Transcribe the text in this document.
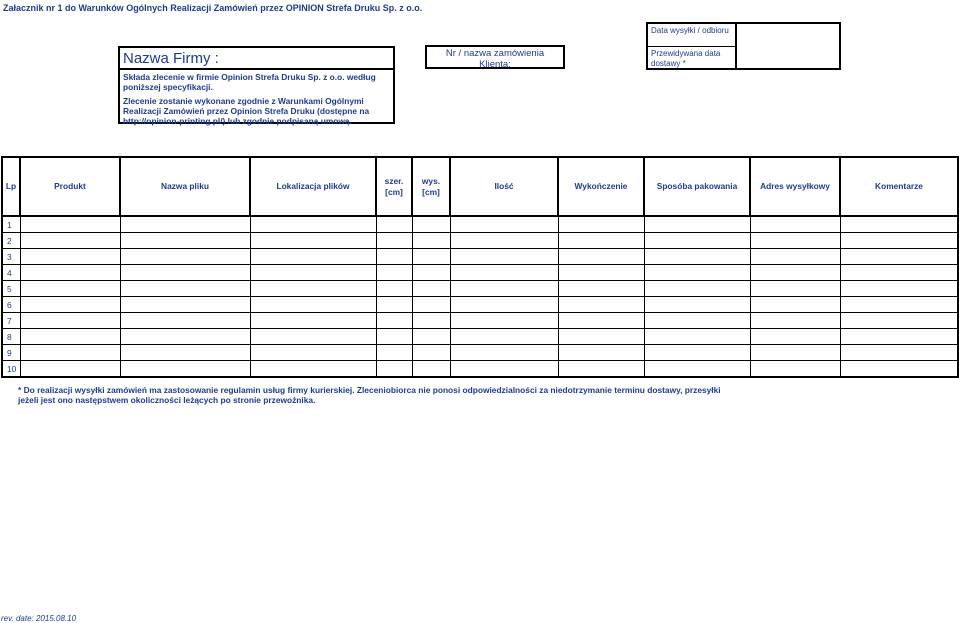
Załacznik nr 1 do Warunków Ogólnych Realizacji Zamówień przez OPINION Strefa Druku Sp. z o.o.
Nazwa Firmy :
Składa zlecenie w firmie Opinion Strefa Druku Sp. z o.o. według poniższej specyfikacji.
Zlecenie zostanie wykonane zgodnie z Warunkami Ogólnymi Realizacji Zamówień przez Opinion Strefa Druku (dostępne na http://opinion-printing.pl/) lub zgodnie podpisaną umową.
Nr / nazwa zamówienia
Klienta:
Data wysyłki / odbioru
Przewidywana data dostawy *
Lp	Produkt	Nazwa pliku	Lokalizacja plików	szer. [cm]	wys. [cm]	Ilość	Wykończenie	Sposóba pakowania	Adres wysyłkowy	Komentarze
1										
2										
3										
4										
5										
6										
7										
8										
9										
10										
* Do realizacji wysyłki zamówień ma zastosowanie regulamin usług firmy kurierskiej. Zleceniobiorca nie ponosi odpowiedzialności za niedotrzymanie terminu dostawy, przesyłki jeżeli jest ono następstwem okoliczności leżących po stronie przewoźnika.
rev. date: 2015.08.10
